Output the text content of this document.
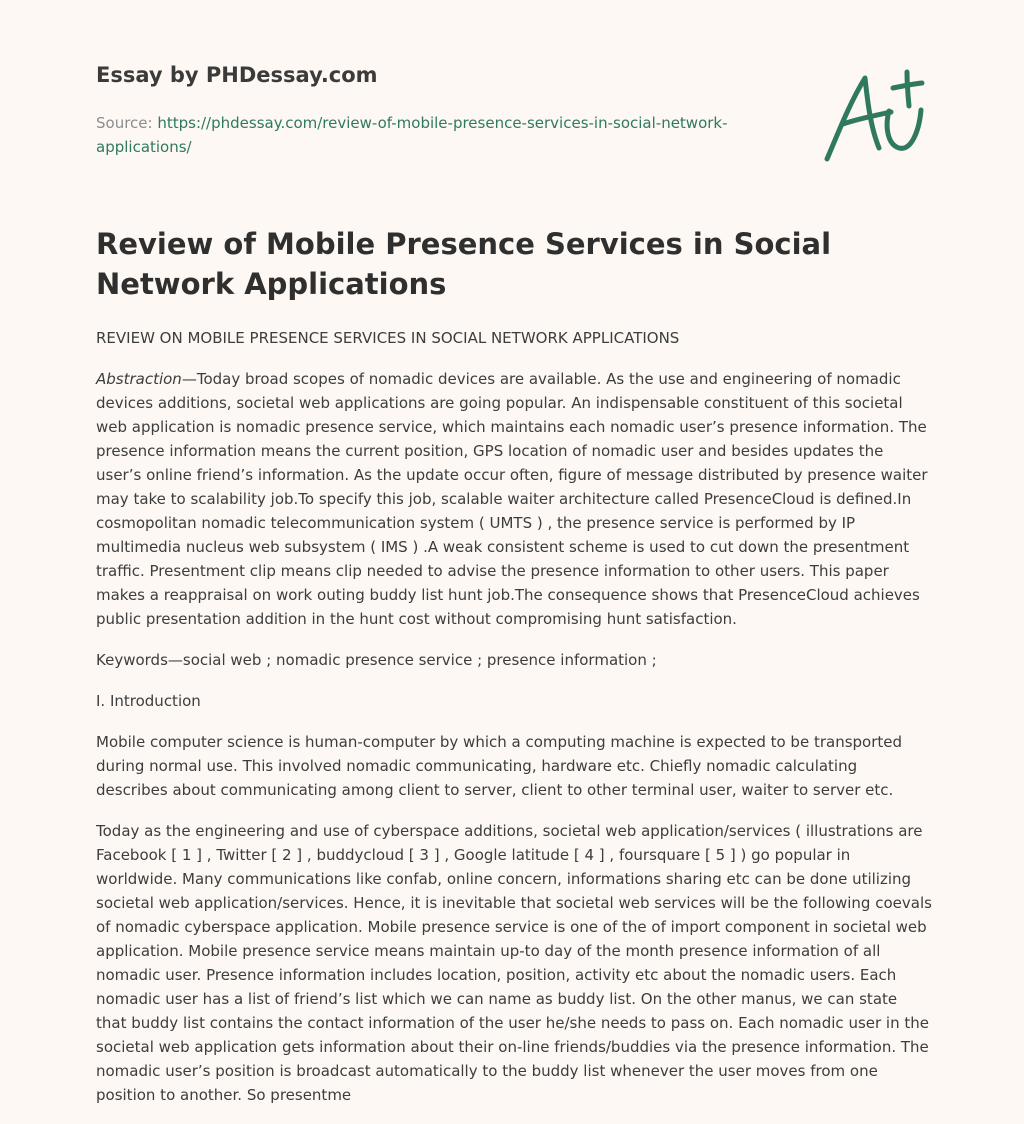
Essay by PHDessay.com
Source: https://phdessay.com/review-of-mobile-presence-services-in-social-network-applications/
Review of Mobile Presence Services in Social Network Applications

REVIEW ON MOBILE PRESENCE SERVICES IN SOCIAL NETWORK APPLICATIONS

Abstraction—Today broad scopes of nomadic devices are available. As the use and engineering of nomadic devices additions, societal web applications are going popular. An indispensable constituent of this societal web application is nomadic presence service, which maintains each nomadic user’s presence information. The presence information means the current position, GPS location of nomadic user and besides updates the user’s online friend’s information. As the update occur often, figure of message distributed by presence waiter may take to scalability job.To specify this job, scalable waiter architecture called PresenceCloud is defined.In cosmopolitan nomadic telecommunication system ( UMTS ) , the presence service is performed by IP multimedia nucleus web subsystem ( IMS ) .A weak consistent scheme is used to cut down the presentment traffic. Presentment clip means clip needed to advise the presence information to other users. This paper makes a reappraisal on work outing buddy list hunt job.The consequence shows that PresenceCloud achieves public presentation addition in the hunt cost without compromising hunt satisfaction.

Keywords—social web ; nomadic presence service ; presence information ;

I. Introduction

Mobile computer science is human-computer by which a computing machine is expected to be transported during normal use. This involved nomadic communicating, hardware etc. Chiefly nomadic calculating describes about communicating among client to server, client to other terminal user, waiter to server etc.

Today as the engineering and use of cyberspace additions, societal web application/services ( illustrations are Facebook [ 1 ] , Twitter [ 2 ] , buddycloud [ 3 ] , Google latitude [ 4 ] , foursquare [ 5 ] ) go popular in worldwide. Many communications like confab, online concern, informations sharing etc can be done utilizing societal web application/services. Hence, it is inevitable that societal web services will be the following coevals of nomadic cyberspace application. Mobile presence service is one of the of import component in societal web application. Mobile presence service means maintain up-to day of the month presence information of all nomadic user. Presence information includes location, position, activity etc about the nomadic users. Each nomadic user has a list of friend’s list which we can name as buddy list. On the other manus, we can state that buddy list contains the contact information of the user he/she needs to pass on. Each nomadic user in the societal web application gets information about their on-line friends/buddies via the presence information. The nomadic user’s position is broadcast automatically to the buddy list whenever the user moves from one position to another. So presentme
